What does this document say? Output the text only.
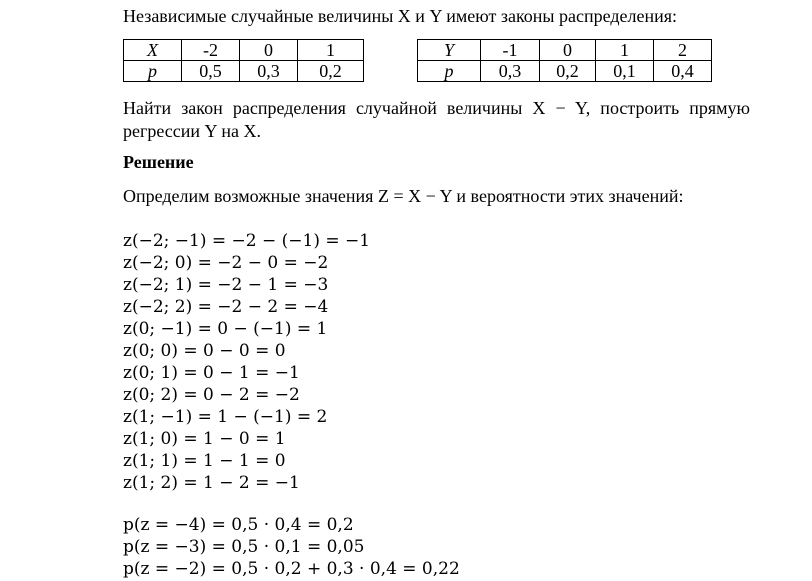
Независимые случайные величины X и Y имеют законы распределения:
X	-2	0	1
p	0,5	0,3	0,2
Y	-1	0	1	2
p	0,3	0,2	0,1	0,4
Найти закон распределения случайной величины X − Y, построить прямую
регрессии Y на X.
Решение
Определим возможные значения Z = X − Y и вероятности этих значений:
z(−2; −1) = −2 − (−1) = −1
z(−2; 0) = −2 − 0 = −2
z(−2; 1) = −2 − 1 = −3
z(−2; 2) = −2 − 2 = −4
z(0; −1) = 0 − (−1) = 1
z(0; 0) = 0 − 0 = 0
z(0; 1) = 0 − 1 = −1
z(0; 2) = 0 − 2 = −2
z(1; −1) = 1 − (−1) = 2
z(1; 0) = 1 − 0 = 1
z(1; 1) = 1 − 1 = 0
z(1; 2) = 1 − 2 = −1
p(z = −4) = 0,5 · 0,4 = 0,2
p(z = −3) = 0,5 · 0,1 = 0,05
p(z = −2) = 0,5 · 0,2 + 0,3 · 0,4 = 0,22
